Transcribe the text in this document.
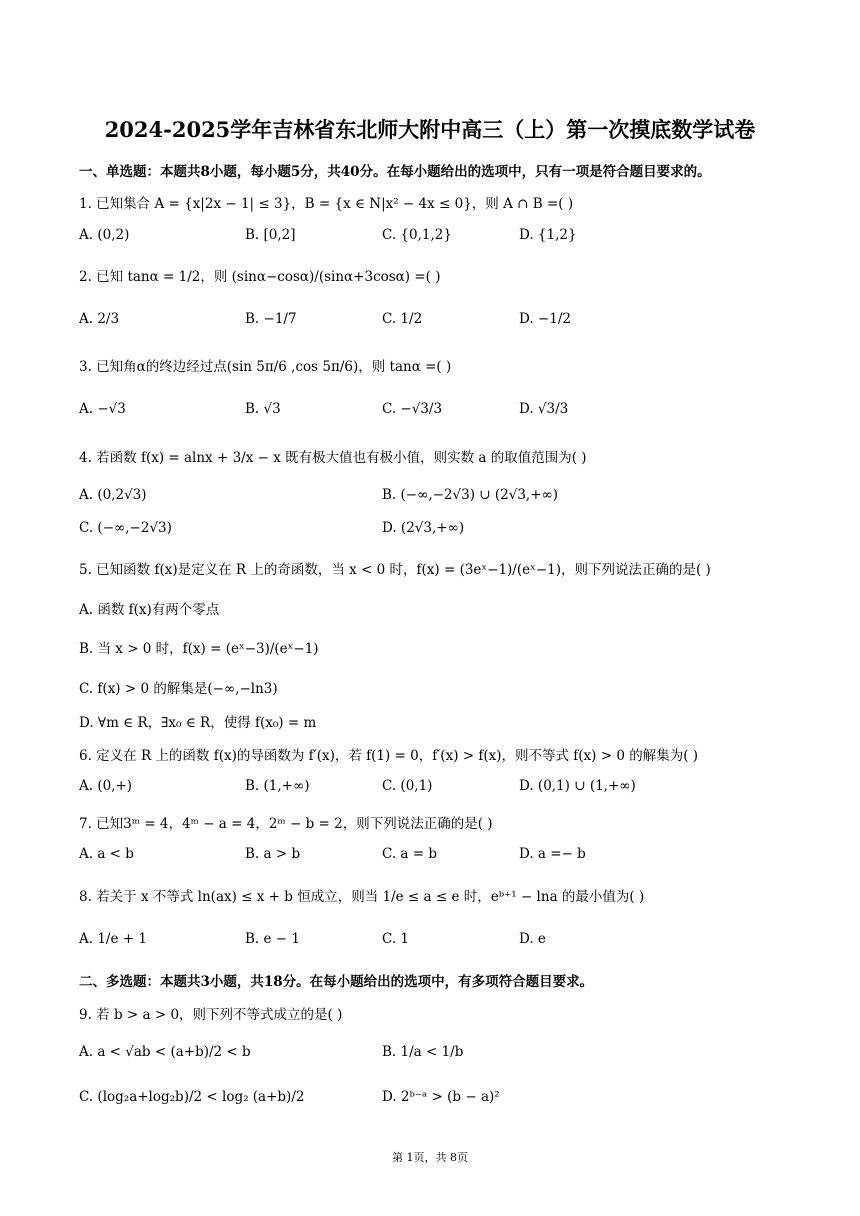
2024-2025学年吉林省东北师大附中高三（上）第一次摸底数学试卷
一、单选题：本题共8小题，每小题5分，共40分。在每小题给出的选项中，只有一项是符合题目要求的。
1. 已知集合 A = {x|2x − 1| ≤ 3}，B = {x ∈ N|x² − 4x ≤ 0}，则 A ∩ B =( )
A. (0,2)	B. [0,2]	C. {0,1,2}	D. {1,2}
2. 已知 tanα = 1/2，则 (sinα−cosα)/(sinα+3cosα) =( )
A. 2/3	B. −1/7	C. 1/2	D. −1/2
3. 已知角α的终边经过点(sin 5π/6 ,cos 5π/6)，则 tanα =( )
A. −√3	B. √3	C. −√3/3	D. √3/3
4. 若函数 f(x) = alnx + 3/x − x 既有极大值也有极小值，则实数 a 的取值范围为( )
A. (0,2√3)	B. (−∞,−2√3) ∪ (2√3,+∞)
C. (−∞,−2√3)	D. (2√3,+∞)
5. 已知函数 f(x)是定义在 R 上的奇函数，当 x < 0 时，f(x) = (3eˣ−1)/(eˣ−1)，则下列说法正确的是( )
A. 函数 f(x)有两个零点
B. 当 x > 0 时，f(x) = (eˣ−3)/(eˣ−1)
C. f(x) > 0 的解集是(−∞,−ln3)
D. ∀m ∈ R，∃x₀ ∈ R，使得 f(x₀) = m
6. 定义在 R 上的函数 f(x)的导函数为 f′(x)，若 f(1) = 0，f′(x) > f(x)，则不等式 f(x) > 0 的解集为( )
A. (0,+)	B. (1,+∞)	C. (0,1)	D. (0,1) ∪ (1,+∞)
7. 已知3ᵐ = 4，4ᵐ − a = 4，2ᵐ − b = 2，则下列说法正确的是( )
A. a < b	B. a > b	C. a = b	D. a =− b
8. 若关于 x 不等式 ln(ax) ≤ x + b 恒成立，则当 1/e ≤ a ≤ e 时，eᵇ⁺¹ − lna 的最小值为( )
A. 1/e + 1	B. e − 1	C. 1	D. e
二、多选题：本题共3小题，共18分。在每小题给出的选项中，有多项符合题目要求。
9. 若 b > a > 0，则下列不等式成立的是( )
A. a < √ab < (a+b)/2 < b	B. 1/a < 1/b
C. (log₂a+log₂b)/2 < log₂ (a+b)/2	D. 2ᵇ⁻ᵃ > (b − a)²
第 1页，共 8页
